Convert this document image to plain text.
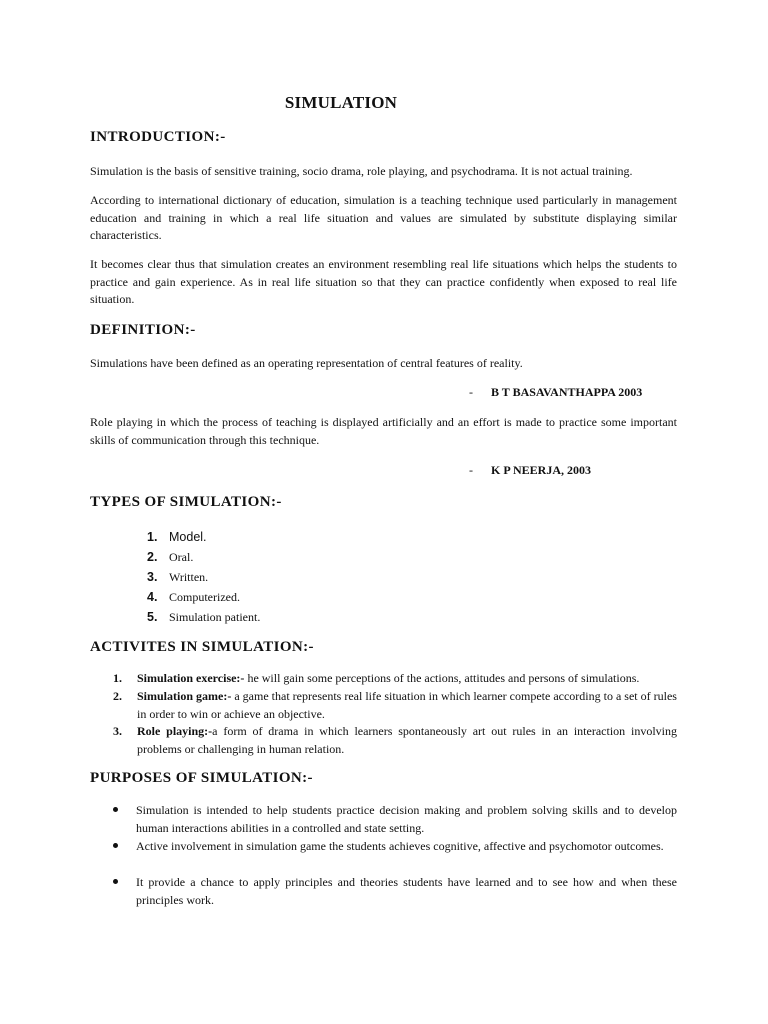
SIMULATION
INTRODUCTION:-
Simulation is the basis of sensitive training, socio drama, role playing, and psychodrama. It is not actual training.
According to international dictionary of education, simulation is a teaching technique used particularly in management education and training in which a real life situation and values are simulated by substitute displaying similar characteristics.
It becomes clear thus that simulation creates an environment resembling real life situations which helps the students to practice and gain experience. As in real life situation so that they can practice confidently when exposed to real life situation.
DEFINITION:-
Simulations have been defined as an operating representation of central features of reality.
- B T BASAVANTHAPPA 2003
Role playing in which the process of teaching is displayed artificially and an effort is made to practice some important skills of communication through this technique.
- K P NEERJA, 2003
TYPES OF SIMULATION:-
1. Model.
2. Oral.
3. Written.
4. Computerized.
5. Simulation patient.
ACTIVITES IN SIMULATION:-
1. Simulation exercise:- he will gain some perceptions of the actions, attitudes and persons of simulations.
2. Simulation game:- a game that represents real life situation in which learner compete according to a set of rules in order to win or achieve an objective.
3. Role playing:-a form of drama in which learners spontaneously art out rules in an interaction involving problems or challenging in human relation.
PURPOSES OF SIMULATION:-
Simulation is intended to help students practice decision making and problem solving skills and to develop human interactions abilities in a controlled and state setting.
Active involvement in simulation game the students achieves cognitive, affective and psychomotor outcomes.
It provide a chance to apply principles and theories students have learned and to see how and when these principles work.
